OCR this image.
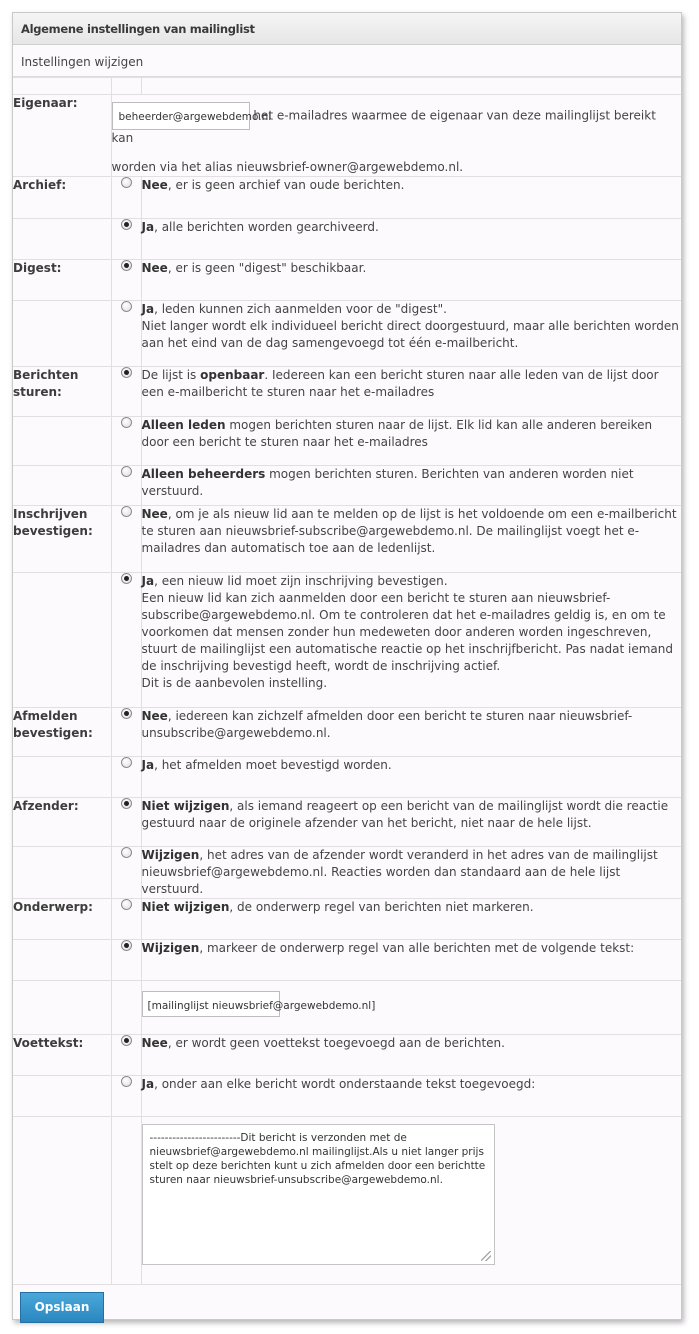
Algemene instellingen van mailinglist
Instellingen wijzigen

Eigenaar:	beheerder@argewebdemo.nl het e-mailadres waarmee de eigenaar van deze mailinglijst bereikt kan
worden via het alias nieuwsbrief-owner@argewebdemo.nl.	

Archief:		Nee, er is geen archief van oude berichten.
		Ja, alle berichten worden gearchiveerd.
Digest:		Nee, er is geen "digest" beschikbaar.
		Ja, leden kunnen zich aanmelden voor de "digest".
Niet langer wordt elk individueel bericht direct doorgestuurd, maar alle berichten worden aan het eind van de dag samengevoegd tot één e-mailbericht.
Berichten sturen:		De lijst is openbaar. Iedereen kan een bericht sturen naar alle leden van de lijst door een e-mailbericht te sturen naar het e-mailadres
		Alleen leden mogen berichten sturen naar de lijst. Elk lid kan alle anderen bereiken door een bericht te sturen naar het e-mailadres
		Alleen beheerders mogen berichten sturen. Berichten van anderen worden niet verstuurd.
Inschrijven bevestigen:		Nee, om je als nieuw lid aan te melden op de lijst is het voldoende om een e-mailbericht te sturen aan nieuwsbrief-subscribe@argewebdemo.nl. De mailinglijst voegt het e-mailadres dan automatisch toe aan de ledenlijst.
		Ja, een nieuw lid moet zijn inschrijving bevestigen.
Een nieuw lid kan zich aanmelden door een bericht te sturen aan nieuwsbrief-subscribe@argewebdemo.nl. Om te controleren dat het e-mailadres geldig is, en om te voorkomen dat mensen zonder hun medeweten door anderen worden ingeschreven, stuurt de mailinglijst een automatische reactie op het inschrijfbericht. Pas nadat iemand de inschrijving bevestigd heeft, wordt de inschrijving actief.
Dit is de aanbevolen instelling.
Afmelden bevestigen:		Nee, iedereen kan zichzelf afmelden door een bericht te sturen naar nieuwsbrief-unsubscribe@argewebdemo.nl.
		Ja, het afmelden moet bevestigd worden.
Afzender:		Niet wijzigen, als iemand reageert op een bericht van de mailinglijst wordt die reactie gestuurd naar de originele afzender van het bericht, niet naar de hele lijst.
		Wijzigen, het adres van de afzender wordt veranderd in het adres van de mailinglijst nieuwsbrief@argewebdemo.nl. Reacties worden dan standaard aan de hele lijst verstuurd.
Onderwerp:		Niet wijzigen, de onderwerp regel van berichten niet markeren.
		Wijzigen, markeer de onderwerp regel van alle berichten met de volgende tekst:

		[mailinglijst nieuwsbrief@argewebdemo.nl]

Voettekst:		Nee, er wordt geen voettekst toegevoegd aan de berichten.
		Ja, onder aan elke bericht wordt onderstaande tekst toegevoegd:

		------------------------Dit bericht is verzonden met de nieuwsbrief@argewebdemo.nl mailinglijst.Als u niet langer prijs stelt op deze berichten kunt u zich afmelden door een berichtte sturen naar nieuwsbrief-unsubscribe@argewebdemo.nl.
Opslaan
